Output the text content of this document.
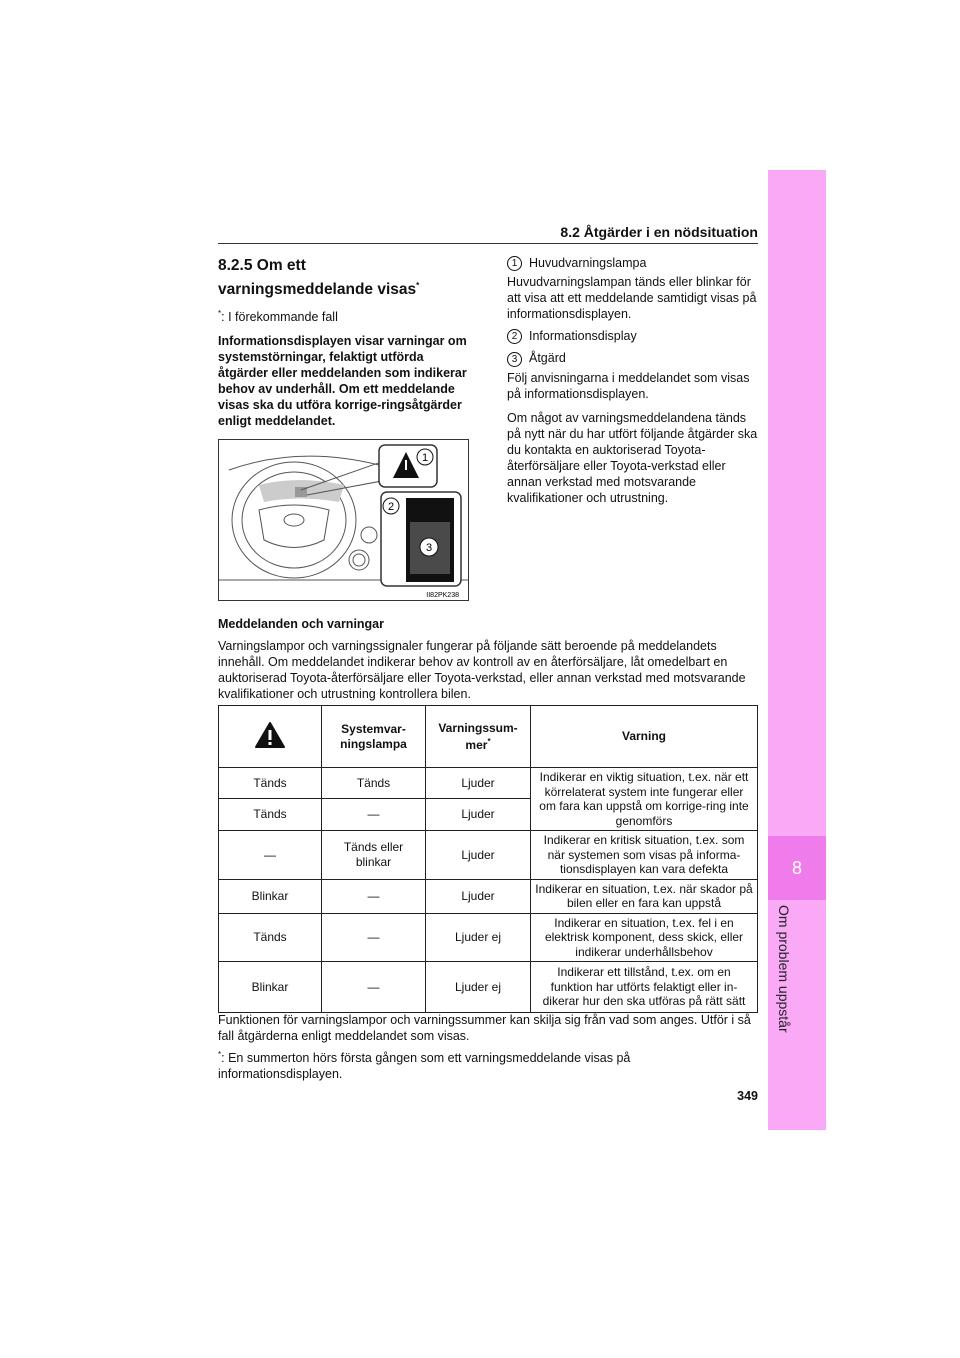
8
Om problem uppstår
8.2 Åtgärder i en nödsituation
8.2.5 Om ett
varningsmeddelande visas*

*: I förekommande fall

Informationsdisplayen visar varningar om systemstörningar, felaktigt utförda åtgärder eller meddelanden som indikerar behov av underhåll. Om ett meddelande visas ska du utföra korrige-ringsåtgärder enligt meddelandet.

1
3
2
II82PK238

1 Huvudvarningslampa

Huvudvarningslampan tänds eller blinkar för att visa att ett meddelande samtidigt visas på informationsdisplayen.

2 Informationsdisplay

3 Åtgärd

Följ anvisningarna i meddelandet som visas på informationsdisplayen.

Om något av varningsmeddelandena tänds på nytt när du har utfört följande åtgärder ska du kontakta en auktoriserad Toyota-återförsäljare eller Toyota-verkstad eller annan verkstad med motsvarande kvalifikationer och utrustning.

Meddelanden och varningar

Varningslampor och varningssignaler fungerar på följande sätt beroende på meddelandets innehåll. Om meddelandet indikerar behov av kontroll av en återförsäljare, låt omedelbart en auktoriserad Toyota-återförsäljare eller Toyota-verkstad, eller annan verkstad med motsvarande kvalifikationer och utrustning kontrollera bilen.

	Systemvar-ningslampa	Varningssum-mer*	Varning
Tänds	Tänds	Ljuder	Indikerar en viktig situation, t.ex. när ett körrelaterat system inte fungerar eller om fara kan uppstå om korrige-ring inte genomförs
Tänds	—	Ljuder	
—	Tänds eller blinkar	Ljuder	Indikerar en kritisk situation, t.ex. som när systemen som visas på informa-tionsdisplayen kan vara defekta
Blinkar	—	Ljuder	Indikerar en situation, t.ex. när skador på bilen eller en fara kan uppstå
Tänds	—	Ljuder ej	Indikerar en situation, t.ex. fel i en elektrisk komponent, dess skick, eller indikerar underhållsbehov
Blinkar	—	Ljuder ej	Indikerar ett tillstånd, t.ex. om en funktion har utförts felaktigt eller in-dikerar hur den ska utföras på rätt sätt

Funktionen för varningslampor och varningssummer kan skilja sig från vad som anges. Utför i så fall åtgärderna enligt meddelandet som visas.

*: En summerton hörs första gången som ett varningsmeddelande visas på informationsdisplayen.

349
